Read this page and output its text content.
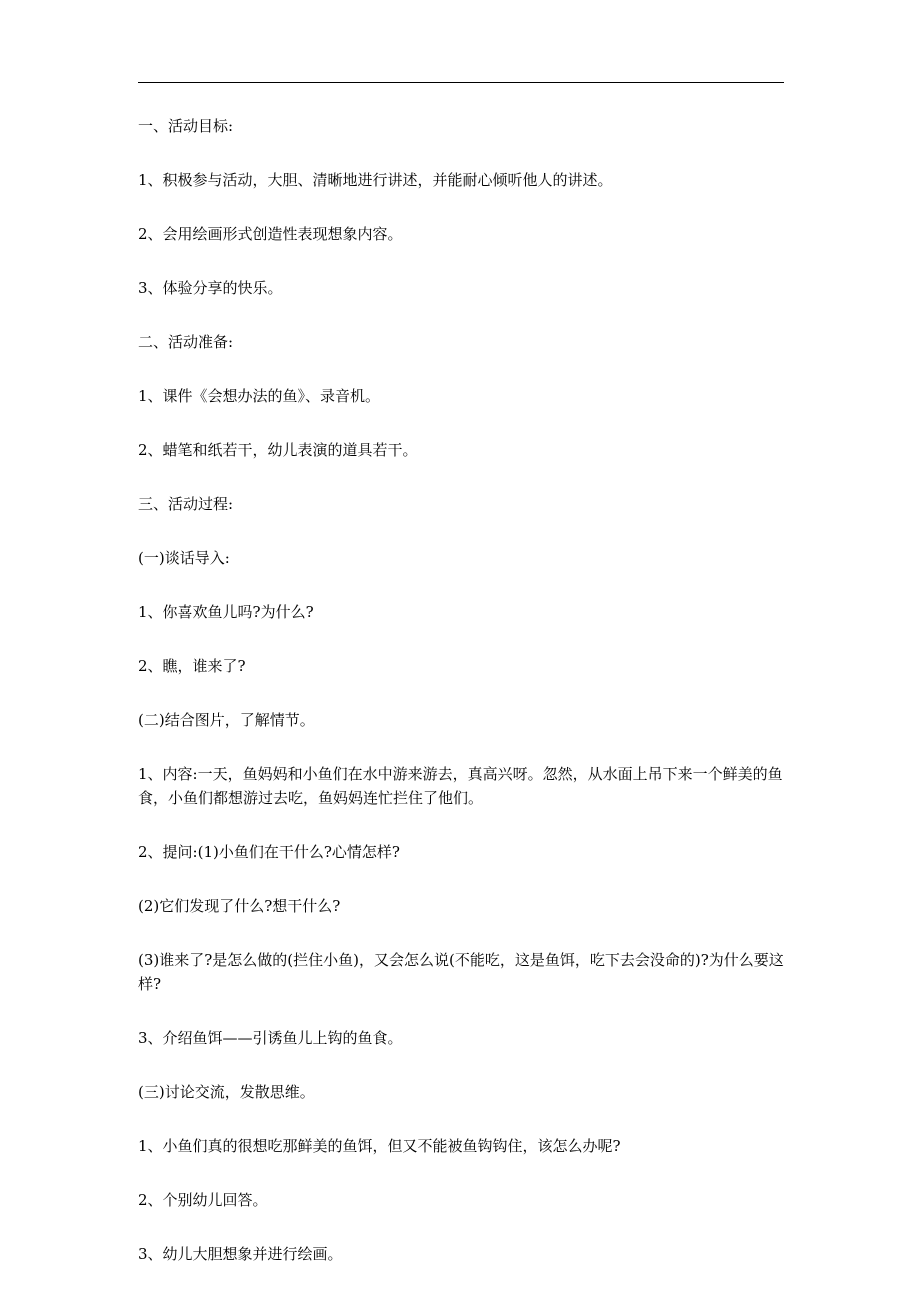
一、活动目标:

1、积极参与活动，大胆、清晰地进行讲述，并能耐心倾听他人的讲述。

2、会用绘画形式创造性表现想象内容。

3、体验分享的快乐。

二、活动准备:

1、课件《会想办法的鱼》、录音机。

2、蜡笔和纸若干，幼儿表演的道具若干。

三、活动过程:

(一)谈话导入:

1、你喜欢鱼儿吗?为什么?

2、瞧，谁来了?

(二)结合图片，了解情节。

1、内容:一天，鱼妈妈和小鱼们在水中游来游去，真高兴呀。忽然，从水面上吊下来一个鲜美的鱼食，小鱼们都想游过去吃，鱼妈妈连忙拦住了他们。

2、提问:(1)小鱼们在干什么?心情怎样?

(2)它们发现了什么?想干什么?

(3)谁来了?是怎么做的(拦住小鱼)，又会怎么说(不能吃，这是鱼饵，吃下去会没命的)?为什么要这样?

3、介绍鱼饵——引诱鱼儿上钩的鱼食。

(三)讨论交流，发散思维。

1、小鱼们真的很想吃那鲜美的鱼饵，但又不能被鱼钩钩住，该怎么办呢?

2、个别幼儿回答。

3、幼儿大胆想象并进行绘画。
